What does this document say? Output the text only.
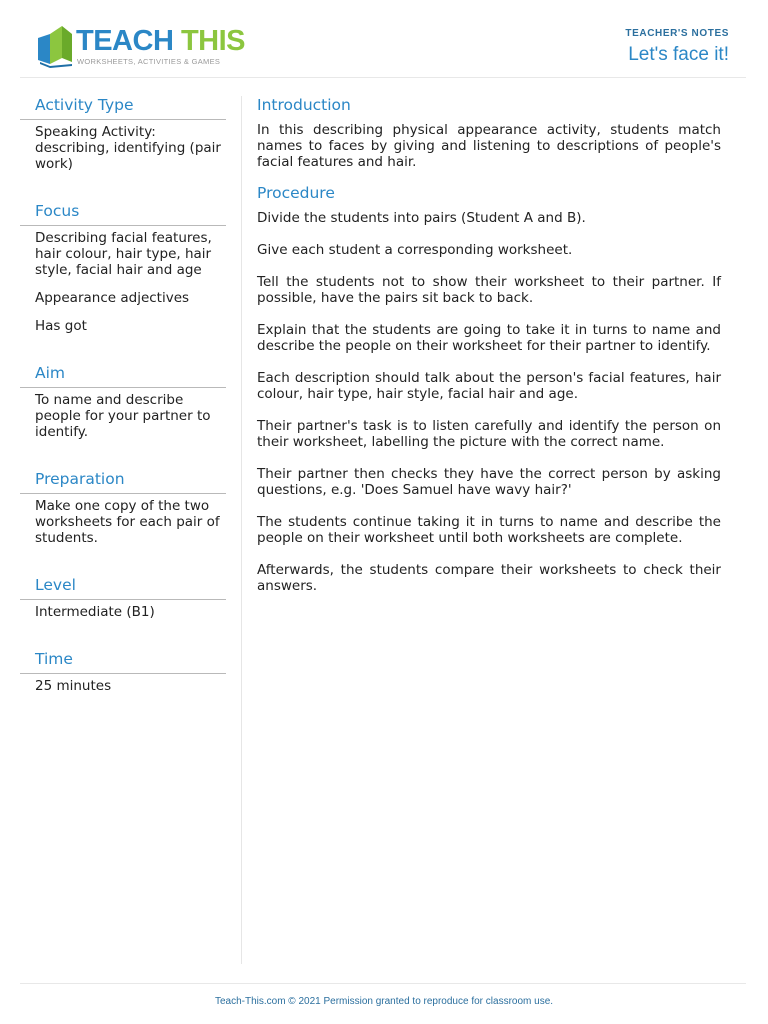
TEACH THIS
WORKSHEETS, ACTIVITIES & GAMES
TEACHER'S NOTES
Let's face it!
Activity Type
Speaking Activity: describing, identifying (pair work)
Focus
Describing facial features, hair colour, hair type, hair style, facial hair and age
Appearance adjectives
Has got
Aim
To name and describe people for your partner to identify.
Preparation
Make one copy of the two worksheets for each pair of students.
Level
Intermediate (B1)
Time
25 minutes
Introduction

In this describing physical appearance activity, students match names to faces by giving and listening to descriptions of people's facial features and hair.

Procedure

Divide the students into pairs (Student A and B).

Give each student a corresponding worksheet.

Tell the students not to show their worksheet to their partner. If possible, have the pairs sit back to back.

Explain that the students are going to take it in turns to name and describe the people on their worksheet for their partner to identify.

Each description should talk about the person's facial features, hair colour, hair type, hair style, facial hair and age.

Their partner's task is to listen carefully and identify the person on their worksheet, labelling the picture with the correct name.

Their partner then checks they have the correct person by asking questions, e.g. 'Does Samuel have wavy hair?'

The students continue taking it in turns to name and describe the people on their worksheet until both worksheets are complete.

Afterwards, the students compare their worksheets to check their answers.

Teach-This.com © 2021 Permission granted to reproduce for classroom use.
